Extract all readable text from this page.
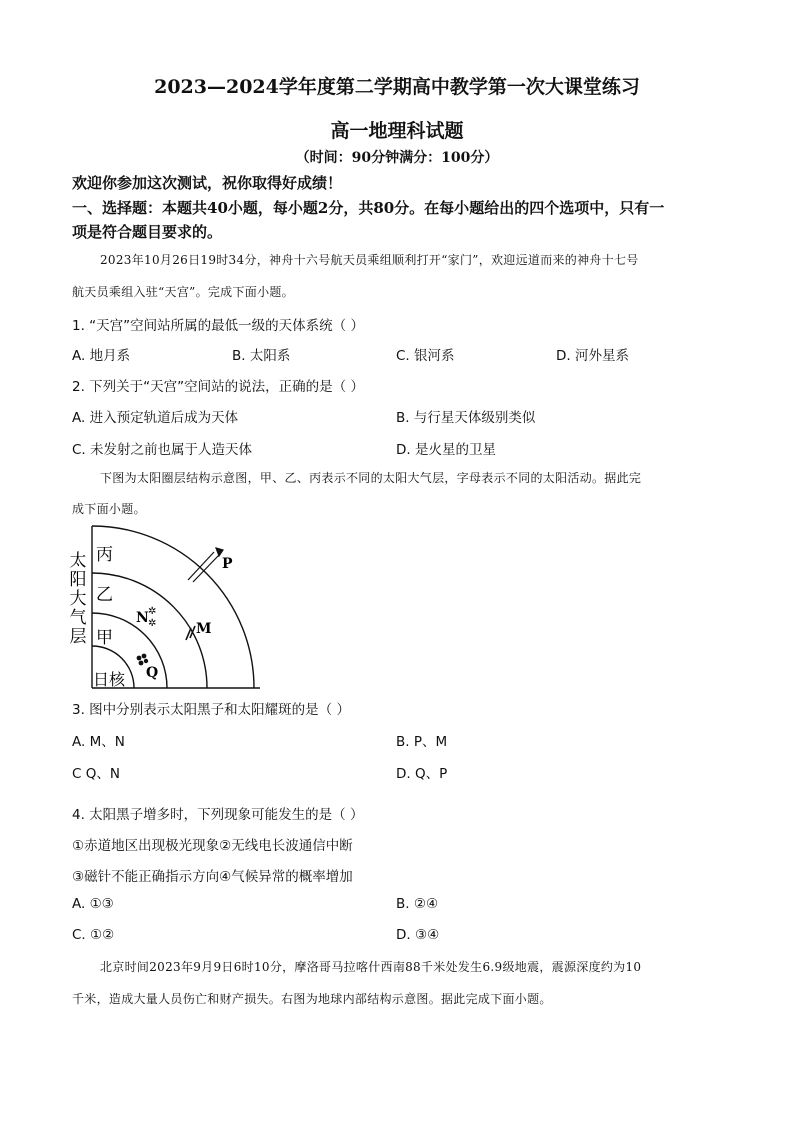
2023—2024学年度第二学期高中教学第一次大课堂练习
高一地理科试题
（时间：90分钟满分：100分）
欢迎你参加这次测试，祝你取得好成绩！
一、选择题：本题共40小题，每小题2分，共80分。在每小题给出的四个选项中，只有一
项是符合题目要求的。
2023年10月26日19时34分，神舟十六号航天员乘组顺利打开“家门”，欢迎远道而来的神舟十七号
航天员乘组入驻“天宫”。完成下面小题。
1. “天宫”空间站所属的最低一级的天体系统（ ）
A. 地月系	B. 太阳系	C. 银河系	D. 河外星系
2. 下列关于“天宫”空间站的说法，正确的是（ ）
A. 进入预定轨道后成为天体	B. 与行星天体级别类似
C. 未发射之前也属于人造天体	D. 是火星的卫星
下图为太阳圈层结构示意图，甲、乙、丙表示不同的太阳大气层，字母表示不同的太阳活动。据此完
成下面小题。
太
阳
大
气
层
丙
乙
甲
日核
P
N ✲
✲	M
Q
3. 图中分别表示太阳黑子和太阳耀斑的是（ ）
A. M、N	B. P、M
C Q、N	D. Q、P
4. 太阳黑子增多时，下列现象可能发生的是（ ）
①赤道地区出现极光现象②无线电长波通信中断
③磁针不能正确指示方向④气候异常的概率增加
A. ①③	B. ②④
C. ①②	D. ③④
北京时间2023年9月9日6时10分，摩洛哥马拉喀什西南88千米处发生6.9级地震，震源深度约为10
千米，造成大量人员伤亡和财产损失。右图为地球内部结构示意图。据此完成下面小题。
